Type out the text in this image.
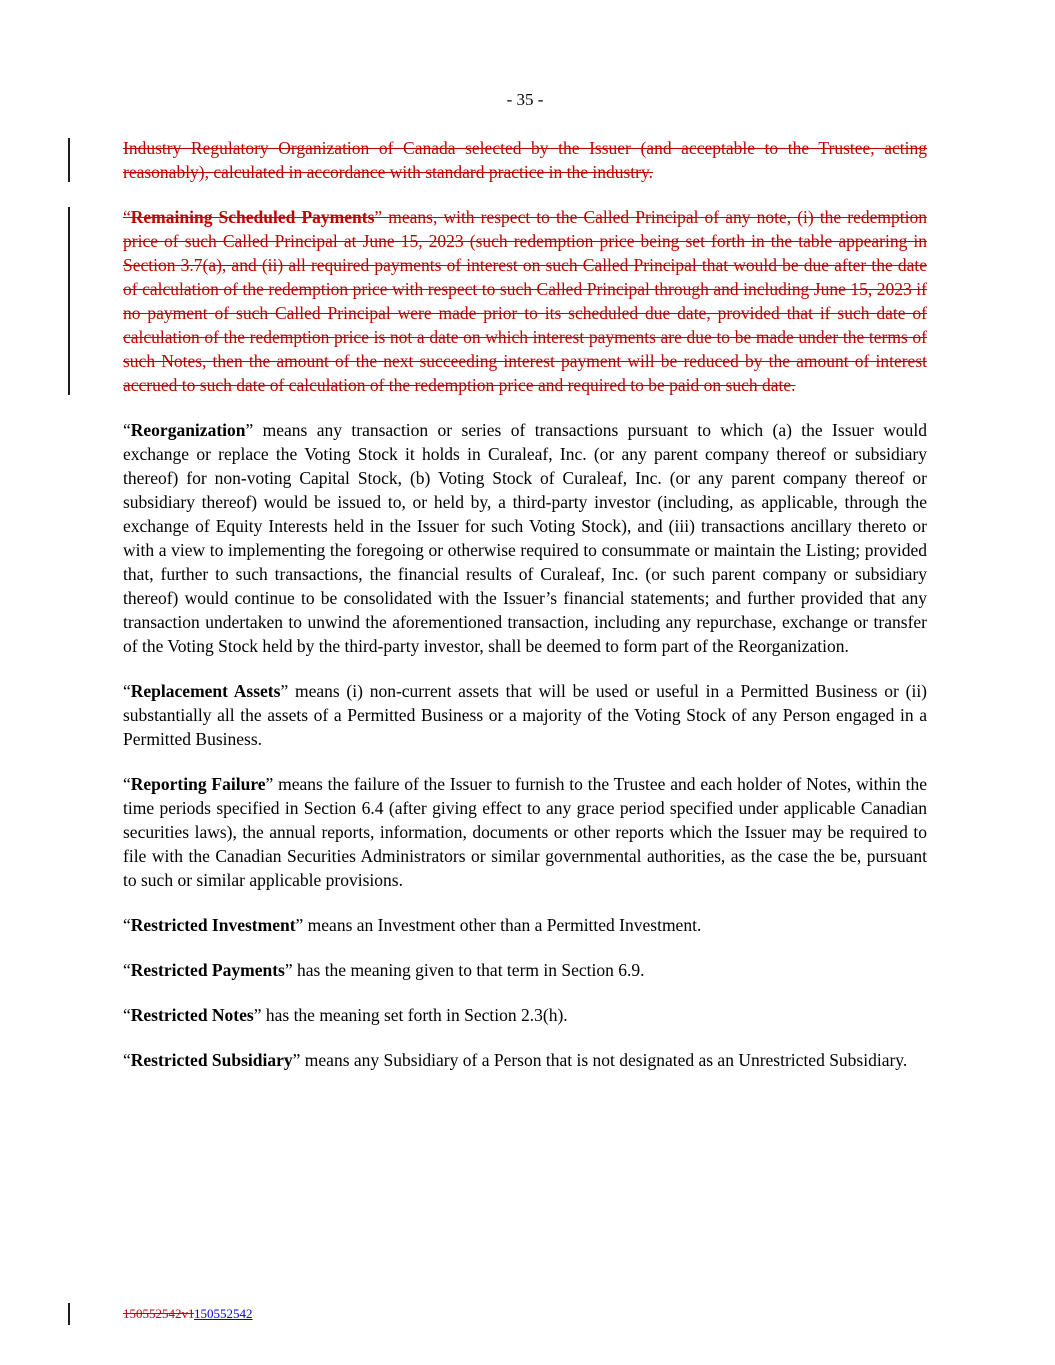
- 35 -

Industry Regulatory Organization of Canada selected by the Issuer (and acceptable to the Trustee, acting reasonably), calculated in accordance with standard practice in the industry.

“Remaining Scheduled Payments” means, with respect to the Called Principal of any note, (i) the redemption price of such Called Principal at June 15, 2023 (such redemption price being set forth in the table appearing in Section 3.7(a), and (ii) all required payments of interest on such Called Principal that would be due after the date of calculation of the redemption price with respect to such Called Principal through and including June 15, 2023 if no payment of such Called Principal were made prior to its scheduled due date, provided that if such date of calculation of the redemption price is not a date on which interest payments are due to be made under the terms of such Notes, then the amount of the next succeeding interest payment will be reduced by the amount of interest accrued to such date of calculation of the redemption price and required to be paid on such date.

“Reorganization” means any transaction or series of transactions pursuant to which (a) the Issuer would exchange or replace the Voting Stock it holds in Curaleaf, Inc. (or any parent company thereof or subsidiary thereof) for non-voting Capital Stock, (b) Voting Stock of Curaleaf, Inc. (or any parent company thereof or subsidiary thereof) would be issued to, or held by, a third-party investor (including, as applicable, through the exchange of Equity Interests held in the Issuer for such Voting Stock), and (iii) transactions ancillary thereto or with a view to implementing the foregoing or otherwise required to consummate or maintain the Listing; provided that, further to such transactions, the financial results of Curaleaf, Inc. (or such parent company or subsidiary thereof) would continue to be consolidated with the Issuer’s financial statements; and further provided that any transaction undertaken to unwind the aforementioned transaction, including any repurchase, exchange or transfer of the Voting Stock held by the third-party investor, shall be deemed to form part of the Reorganization.

“Replacement Assets” means (i) non-current assets that will be used or useful in a Permitted Business or (ii) substantially all the assets of a Permitted Business or a majority of the Voting Stock of any Person engaged in a Permitted Business.

“Reporting Failure” means the failure of the Issuer to furnish to the Trustee and each holder of Notes, within the time periods specified in Section 6.4 (after giving effect to any grace period specified under applicable Canadian securities laws), the annual reports, information, documents or other reports which the Issuer may be required to file with the Canadian Securities Administrators or similar governmental authorities, as the case the be, pursuant to such or similar applicable provisions.

“Restricted Investment” means an Investment other than a Permitted Investment.

“Restricted Payments” has the meaning given to that term in Section 6.9.

“Restricted Notes” has the meaning set forth in Section 2.3(h).

“Restricted Subsidiary” means any Subsidiary of a Person that is not designated as an Unrestricted Subsidiary.

150552542v1150552542
